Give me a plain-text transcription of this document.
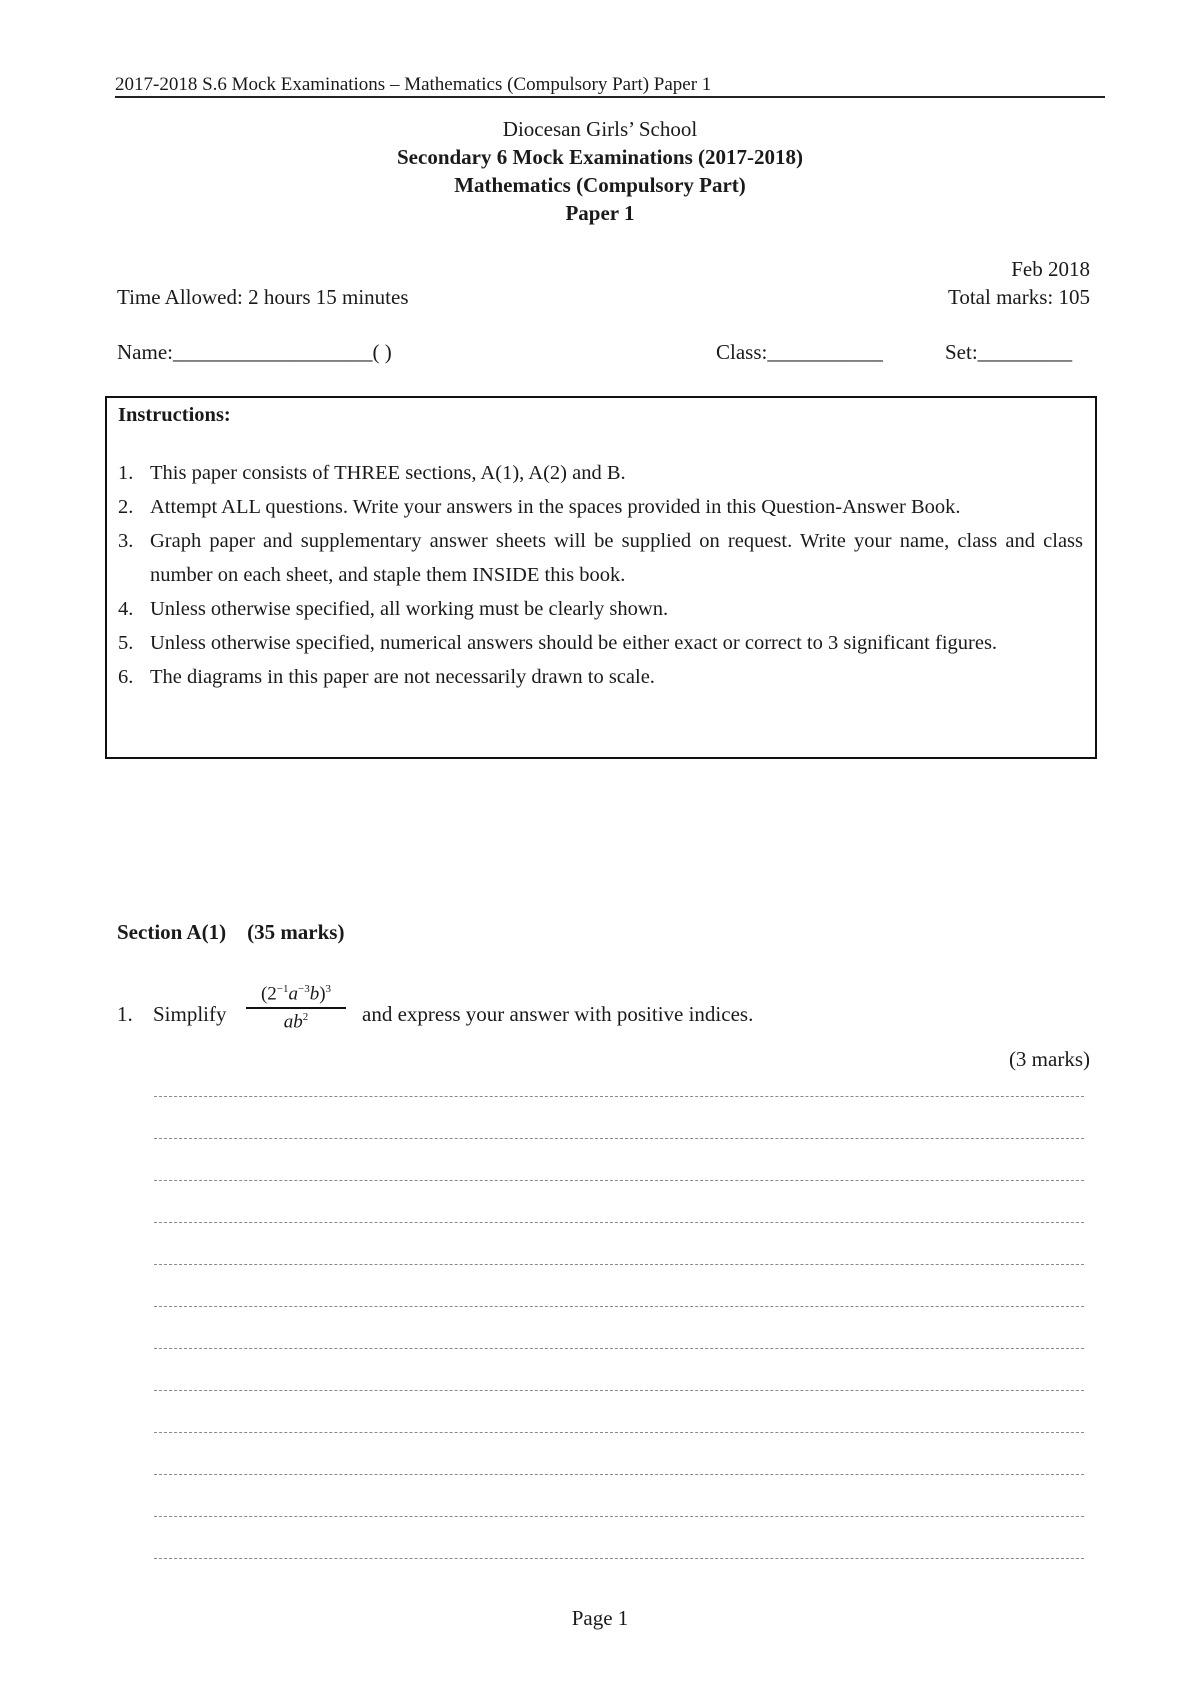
2017-2018 S.6 Mock Examinations – Mathematics (Compulsory Part) Paper 1
Diocesan Girls’ School
Secondary 6 Mock Examinations (2017-2018)
Mathematics (Compulsory Part)
Paper 1
Feb 2018
Time Allowed: 2 hours 15 minutes	Total marks: 105
Name:___________________( )	Class:___________	Set:_________
Instructions:
1. This paper consists of THREE sections, A(1), A(2) and B.
2. Attempt ALL questions. Write your answers in the spaces provided in this Question-Answer Book.
3. Graph paper and supplementary answer sheets will be supplied on request. Write your name, class and class number on each sheet, and staple them INSIDE this book.
4. Unless otherwise specified, all working must be clearly shown.
5. Unless otherwise specified, numerical answers should be either exact or correct to 3 significant figures.
6. The diagrams in this paper are not necessarily drawn to scale.
Section A(1)    (35 marks)
1. Simplify
$(2^{-1}a^{-3}b)^3$
$ab^2$	and express your answer with positive indices.
(3 marks)
Page 1
